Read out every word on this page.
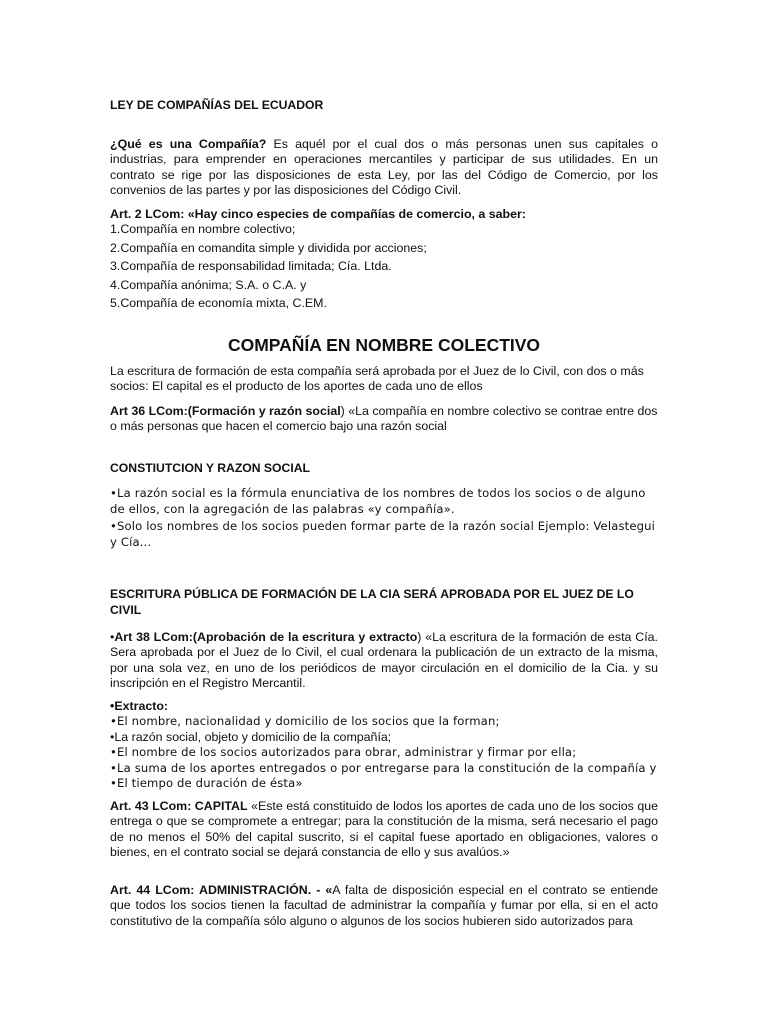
LEY DE COMPAÑÍAS DEL ECUADOR

¿Qué es una Compañía? Es aquél por el cual dos o más personas unen sus capitales o industrias, para emprender en operaciones mercantiles y participar de sus utilidades. En un contrato se rige por las disposiciones de esta Ley, por las del Código de Comercio, por los convenios de las partes y por las disposiciones del Código Civil.

Art. 2 LCom: «Hay cinco especies de compañías de comercio, a saber:
1.Compañía en nombre colectivo;
2.Compañía en comandita simple y dividida por acciones;
3.Compañía de responsabilidad limitada; Cía. Ltda.
4.Compañía anónima; S.A. o C.A. y
5.Compañía de economía mixta, C.EM.
COMPAÑÍA EN NOMBRE COLECTIVO

La escritura de formación de esta compañía será aprobada por el Juez de lo Civil, con dos o más socios: El capital es el producto de los aportes de cada uno de ellos

Art 36 LCom:(Formación y razón social) «La compañía en nombre colectivo se contrae entre dos o más personas que hacen el comercio bajo una razón social

CONSTIUTCION Y RAZON SOCIAL

•La razón social es la fórmula enunciativa de los nombres de todos los socios o de alguno de ellos, con la agregación de las palabras «y compañía».

•Solo los nombres de los socios pueden formar parte de la razón social Ejemplo: Velastegui y Cía...

ESCRITURA PÚBLICA DE FORMACIÓN DE LA CIA SERÁ APROBADA POR EL JUEZ DE LO CIVIL

•Art 38 LCom:(Aprobación de la escritura y extracto) «La escritura de la formación de esta Cía. Sera aprobada por el Juez de lo Civil, el cual ordenara la publicación de un extracto de la misma, por una sola vez, en uno de los periódicos de mayor circulación en el domicilio de la Cia. y su inscripción en el Registro Mercantil.

•Extracto:
•El nombre, nacionalidad y domicilio de los socios que la forman;
•La razón social, objeto y domicilio de la compañía;
•El nombre de los socios autorizados para obrar, administrar y firmar por ella;
•La suma de los aportes entregados o por entregarse para la constitución de la compañía y
•El tiempo de duración de ésta»

Art. 43 LCom: CAPITAL «Este está constituido de lodos los aportes de cada uno de los socios que entrega o que se compromete a entregar; para la constitución de la misma, será necesario el pago de no menos el 50% del capital suscrito, si el capital fuese aportado en obligaciones, valores o bienes, en el contrato social se dejará constancia de ello y sus avalúos.»

Art. 44 LCom: ADMINISTRACIÓN. - «A falta de disposición especial en el contrato se entiende que todos los socios tienen la facultad de administrar la compañía y fumar por ella, si en el acto constitutivo de la compañía sólo alguno o algunos de los socios hubieren sido autorizados para
